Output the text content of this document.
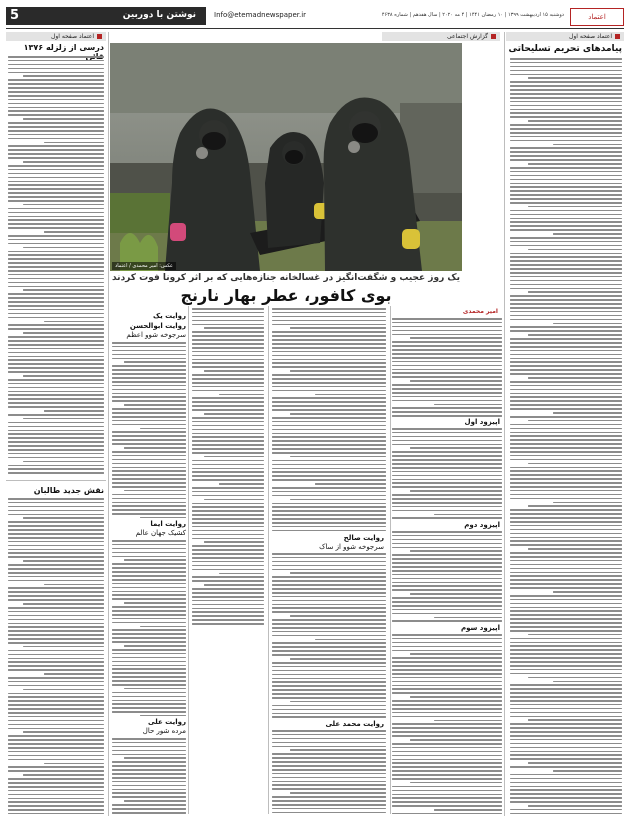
اعتماد
دوشنبه ۱۵ اردیبهشت ۱۳۹۹ | ۱۰ رمضان ۱۴۴۱ | ۴ مه ۲۰۲۰ | سال هفدهم | شماره ۴۶۳۸
Info@etemadnewspaper.ir
5	نوشتن با دوربین
اعتماد صفحه اول
پیامدهای تحریم تسلیحاتی
گزارش اجتماعی
عکس: امیر محمدی / اعتماد
یک روز عجیب و شگفت‌انگیز در غسالخانه جنازه‌هایی که بر اثر کرونا فوت کردند
بوی کافور، عطر بهار نارنج
اعتماد صفحه اول
درسی از زلزله ۱۳۷۶
نقش جدید طالبان
امیر محمدی
اپیزود اول
اپیزود دوم
اپیزود سوم
روایت صالح
سرجوخه شوو از ساک
روایت محمد علی
روایت یک
روایت ابوالحسن
سرجوخه شوو اعظم
روایت ایما
کشیک جهان عالم
روایت علی
مرده شور حال
